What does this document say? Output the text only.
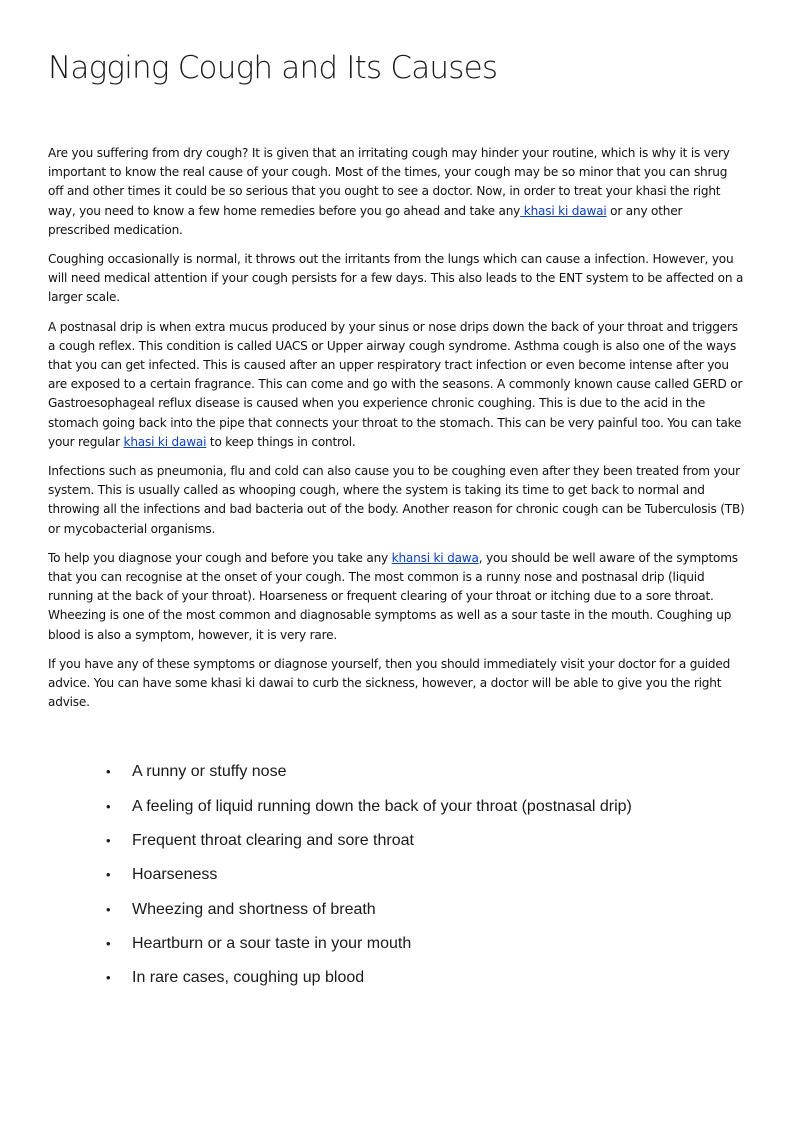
Nagging Cough and Its Causes

Are you suffering from dry cough? It is given that an irritating cough may hinder your routine, which is why it is very important to know the real cause of your cough. Most of the times, your cough may be so minor that you can shrug off and other times it could be so serious that you ought to see a doctor. Now, in order to treat your khasi the right way, you need to know a few home remedies before you go ahead and take any khasi ki dawai or any other prescribed medication.

Coughing occasionally is normal, it throws out the irritants from the lungs which can cause a infection. However, you will need medical attention if your cough persists for a few days. This also leads to the ENT system to be affected on a larger scale.

A postnasal drip is when extra mucus produced by your sinus or nose drips down the back of your throat and triggers a cough reflex. This condition is called UACS or Upper airway cough syndrome. Asthma cough is also one of the ways that you can get infected. This is caused after an upper respiratory tract infection or even become intense after you are exposed to a certain fragrance. This can come and go with the seasons. A commonly known cause called GERD or Gastroesophageal reflux disease is caused when you experience chronic coughing. This is due to the acid in the stomach going back into the pipe that connects your throat to the stomach. This can be very painful too. You can take your regular khasi ki dawai to keep things in control.

Infections such as pneumonia, flu and cold can also cause you to be coughing even after they been treated from your system. This is usually called as whooping cough, where the system is taking its time to get back to normal and throwing all the infections and bad bacteria out of the body. Another reason for chronic cough can be Tuberculosis (TB) or mycobacterial organisms.

To help you diagnose your cough and before you take any khansi ki dawa, you should be well aware of the symptoms that you can recognise at the onset of your cough. The most common is a runny nose and postnasal drip (liquid running at the back of your throat). Hoarseness or frequent clearing of your throat or itching due to a sore throat. Wheezing is one of the most common and diagnosable symptoms as well as a sour taste in the mouth. Coughing up blood is also a symptom, however, it is very rare.

If you have any of these symptoms or diagnose yourself, then you should immediately visit your doctor for a guided advice. You can have some khasi ki dawai to curb the sickness, however, a doctor will be able to give you the right advise.

• A runny or stuffy nose
• A feeling of liquid running down the back of your throat (postnasal drip)
• Frequent throat clearing and sore throat
• Hoarseness
• Wheezing and shortness of breath
• Heartburn or a sour taste in your mouth
• In rare cases, coughing up blood
